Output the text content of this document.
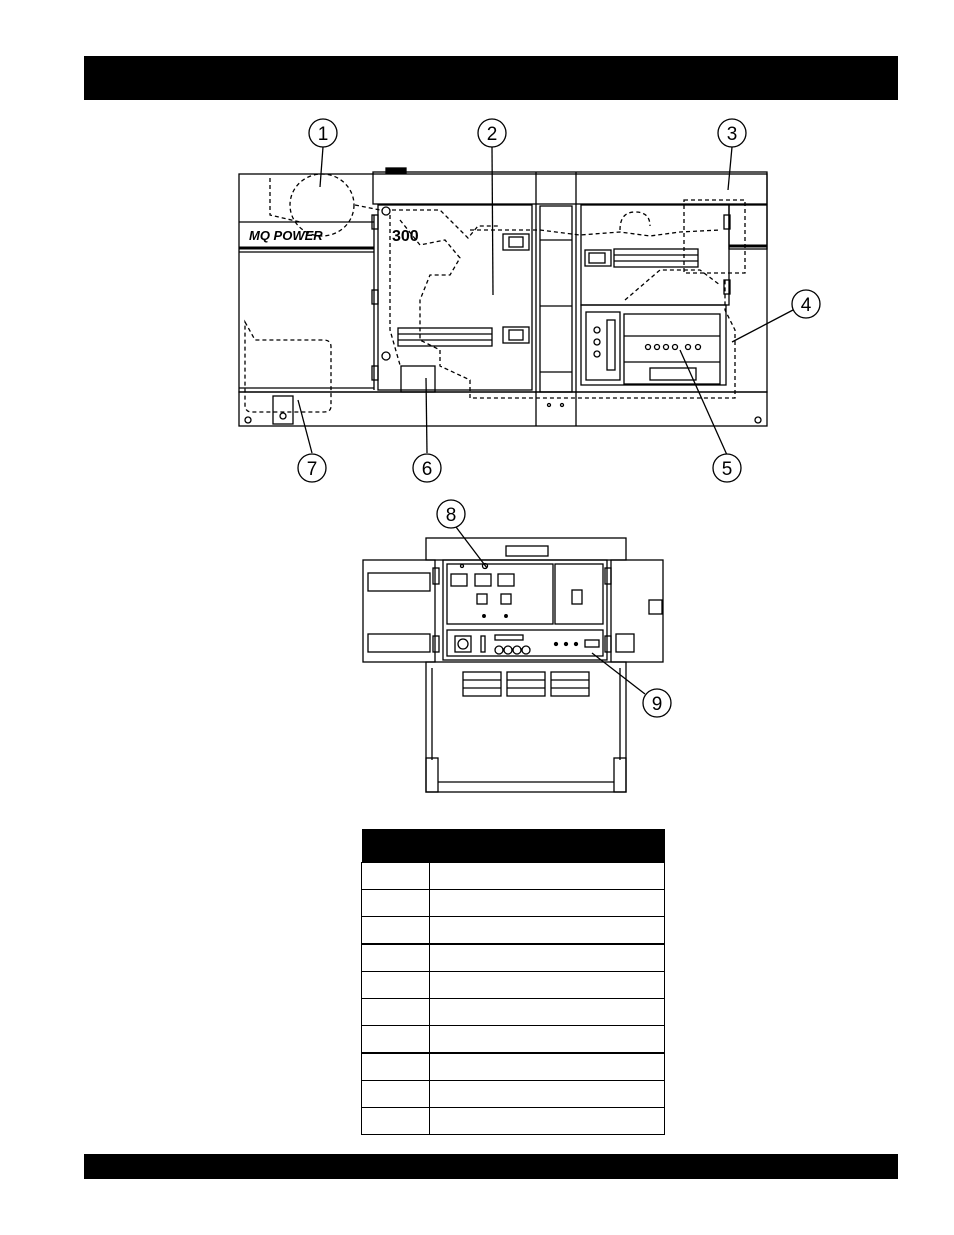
MQ POWER	300
1	2	3
4
5
6
7
8
9
